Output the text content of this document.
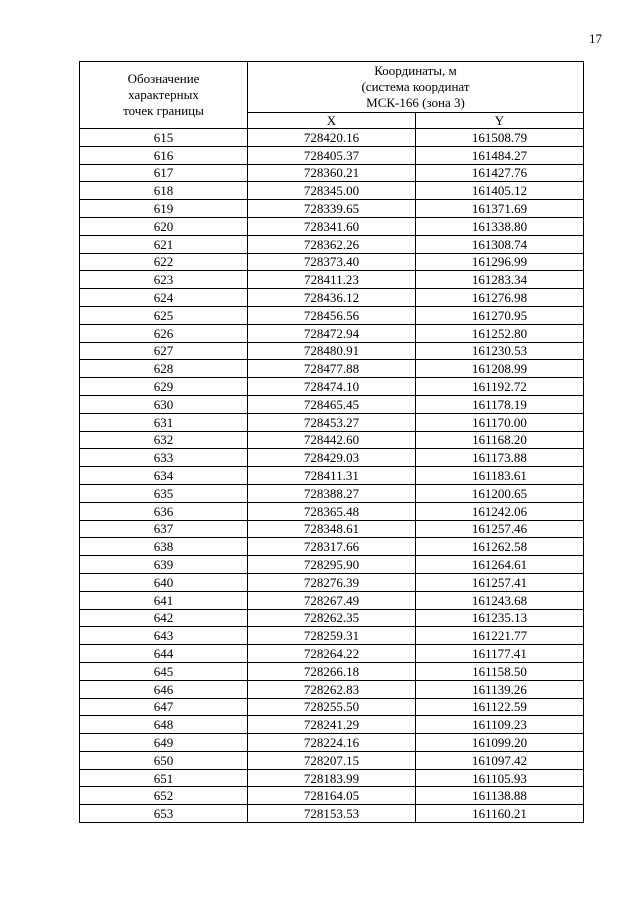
17
Обозначение
характерных
точек границы	Координаты, м
(система координат
МСК-166 (зона 3)	

	X	Y
615	728420.16	161508.79
616	728405.37	161484.27
617	728360.21	161427.76
618	728345.00	161405.12
619	728339.65	161371.69
620	728341.60	161338.80
621	728362.26	161308.74
622	728373.40	161296.99
623	728411.23	161283.34
624	728436.12	161276.98
625	728456.56	161270.95
626	728472.94	161252.80
627	728480.91	161230.53
628	728477.88	161208.99
629	728474.10	161192.72
630	728465.45	161178.19
631	728453.27	161170.00
632	728442.60	161168.20
633	728429.03	161173.88
634	728411.31	161183.61
635	728388.27	161200.65
636	728365.48	161242.06
637	728348.61	161257.46
638	728317.66	161262.58
639	728295.90	161264.61
640	728276.39	161257.41
641	728267.49	161243.68
642	728262.35	161235.13
643	728259.31	161221.77
644	728264.22	161177.41
645	728266.18	161158.50
646	728262.83	161139.26
647	728255.50	161122.59
648	728241.29	161109.23
649	728224.16	161099.20
650	728207.15	161097.42
651	728183.99	161105.93
652	728164.05	161138.88
653	728153.53	161160.21
